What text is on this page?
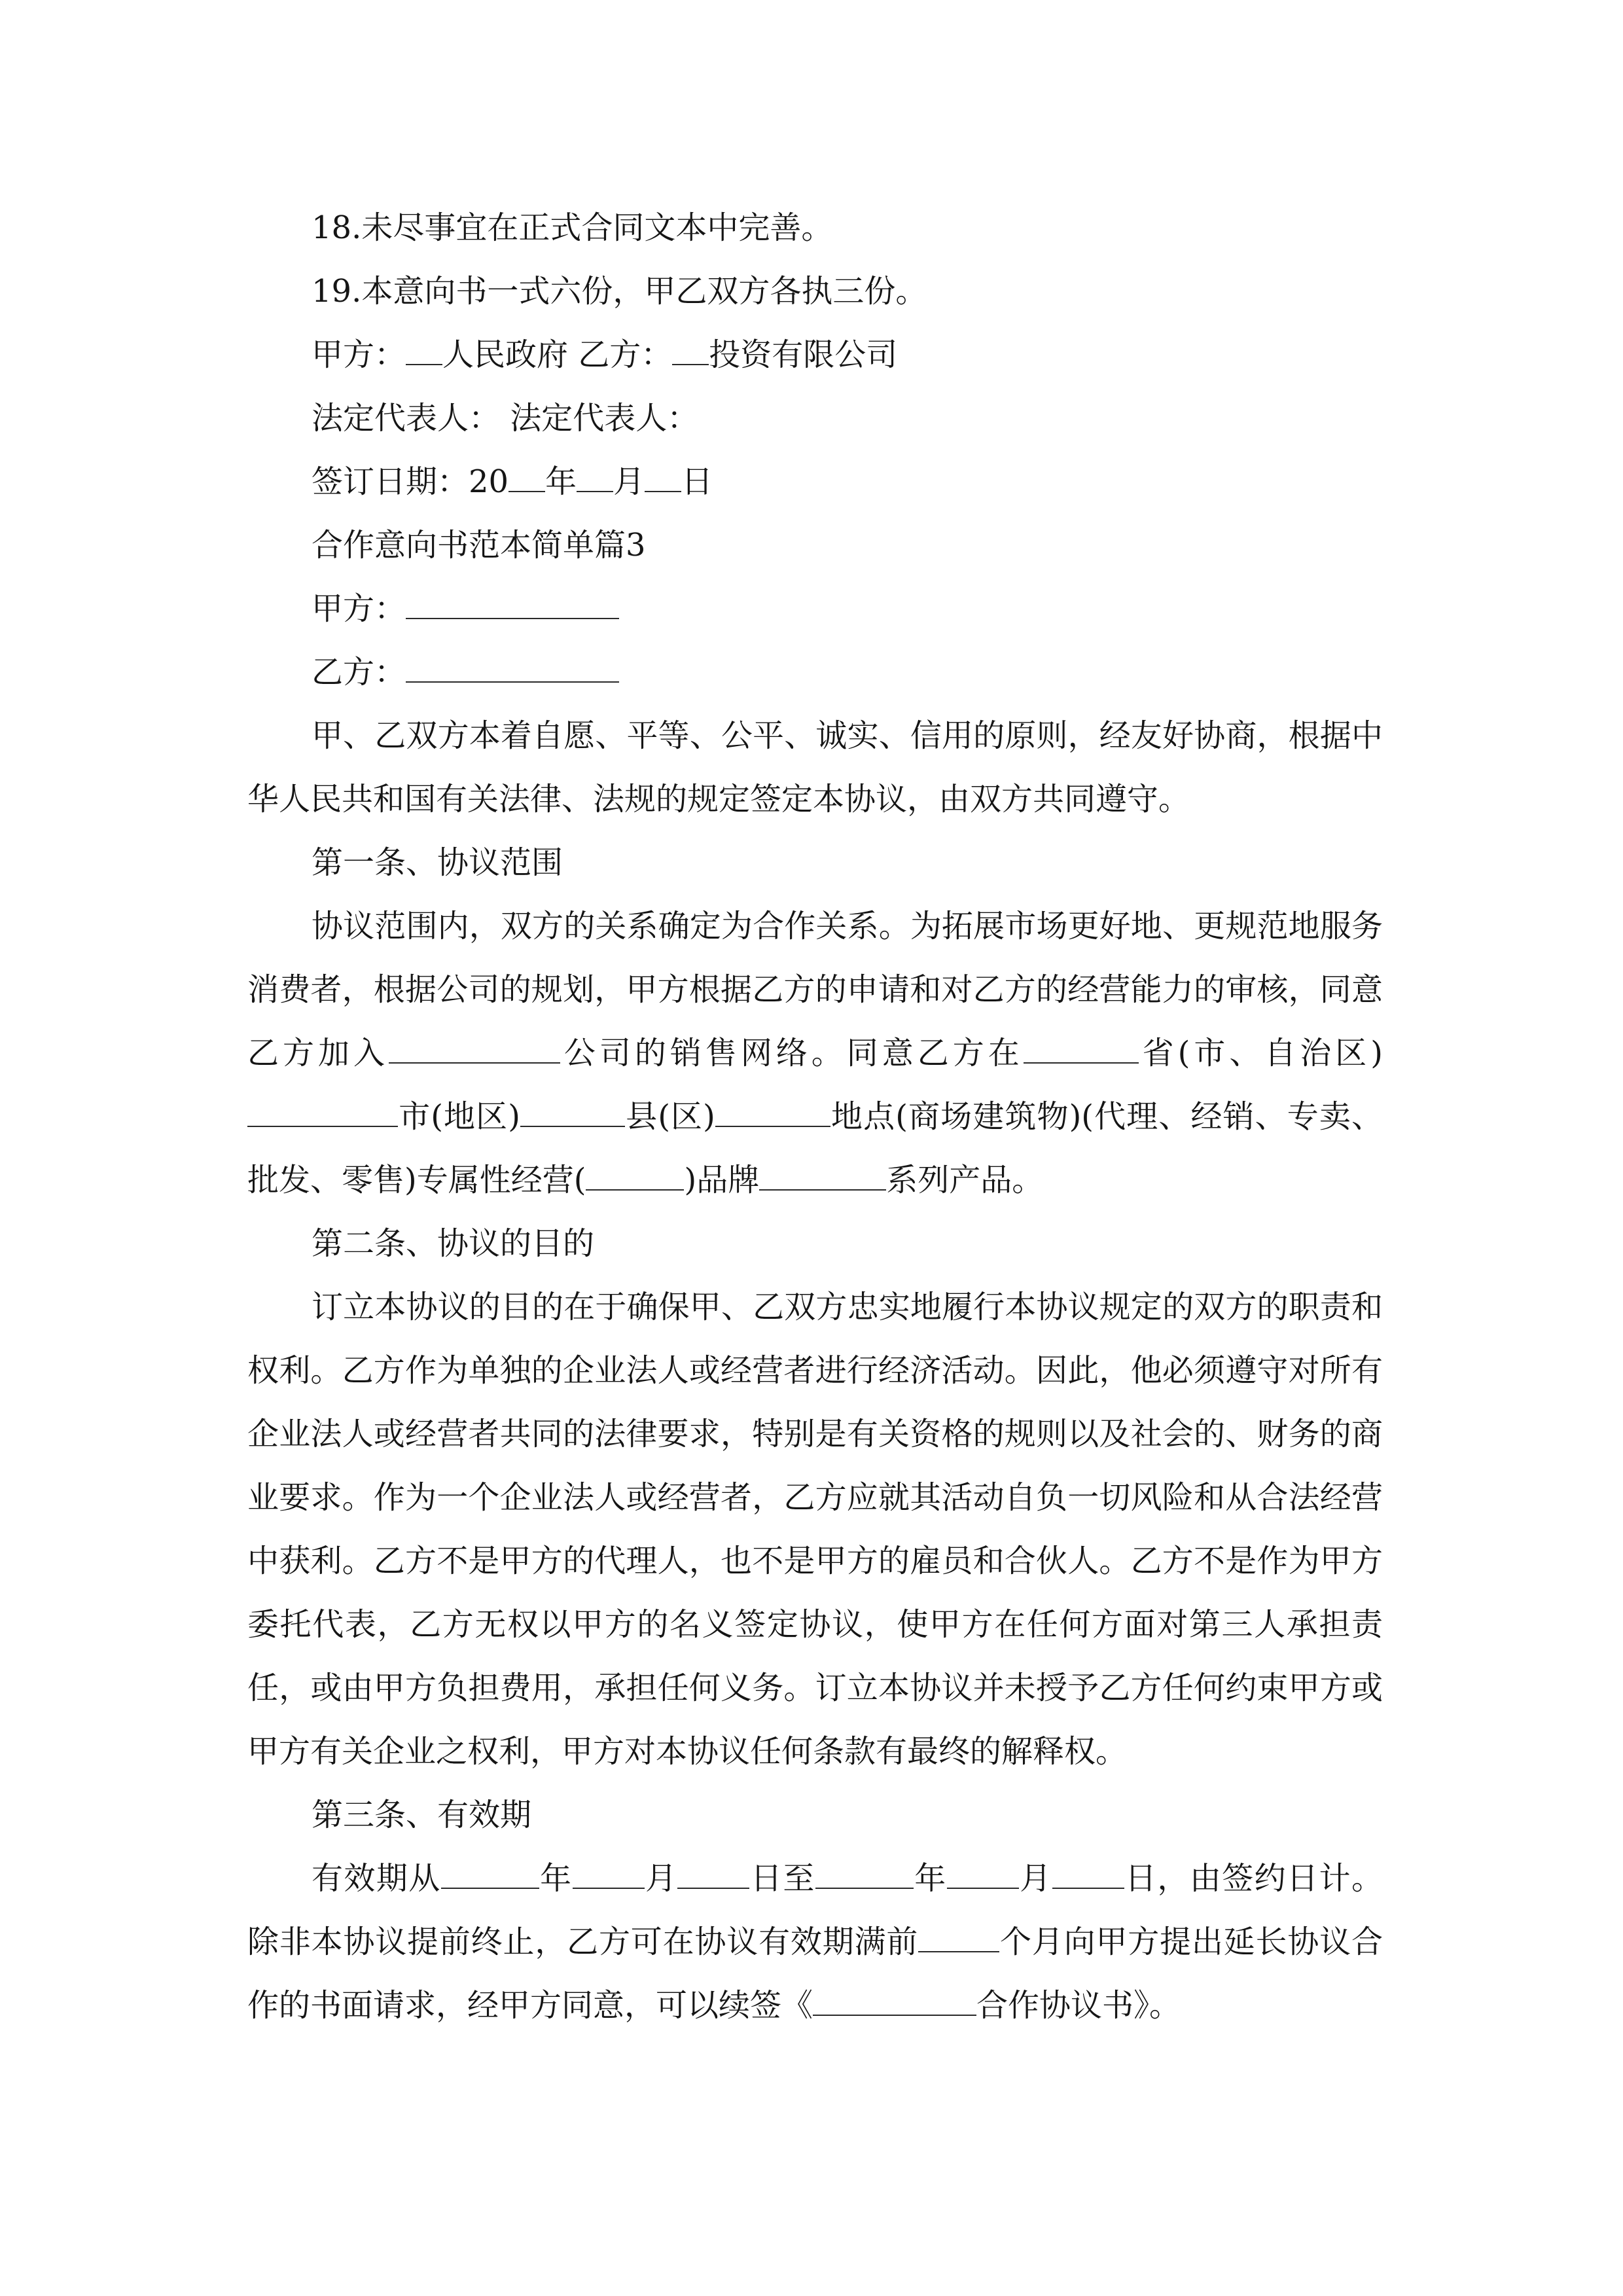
18.未尽事宜在正式合同文本中完善。

19.本意向书一式六份，甲乙双方各执三份。

甲方： 人民政府 乙方： 投资有限公司

法定代表人： 法定代表人：

签订日期：20 年 月 日

合作意向书范本简单篇3

甲方：

乙方：

甲、乙双方本着自愿、平等、公平、诚实、信用的原则，经友好协商，根据中华人民共和国有关法律、法规的规定签定本协议，由双方共同遵守。

第一条、协议范围

协议范围内，双方的关系确定为合作关系。为拓展市场更好地、更规范地服务消费者，根据公司的规划，甲方根据乙方的申请和对乙方的经营能力的审核，同意乙方加入	公司的销售网络。同意乙方在	省(市、自治区)市(地区)	县(区)	地点(商场建筑物)(代理、经销、专卖、批发、零售)专属性经营(	)品牌	系列产品。

第二条、协议的目的

订立本协议的目的在于确保甲、乙双方忠实地履行本协议规定的双方的职责和权利。乙方作为单独的企业法人或经营者进行经济活动。因此，他必须遵守对所有企业法人或经营者共同的法律要求，特别是有关资格的规则以及社会的、财务的商业要求。作为一个企业法人或经营者，乙方应就其活动自负一切风险和从合法经营中获利。乙方不是甲方的代理人，也不是甲方的雇员和合伙人。乙方不是作为甲方委托代表，乙方无权以甲方的名义签定协议，使甲方在任何方面对第三人承担责任，或由甲方负担费用，承担任何义务。订立本协议并未授予乙方任何约束甲方或甲方有关企业之权利，甲方对本协议任何条款有最终的解释权。

第三条、有效期

有效期从	年 月 日至	年 月 日，由签约日计。除非本协议提前终止，乙方可在协议有效期满前	个月向甲方提出延长协议合作的书面请求，经甲方同意，可以续签《	合作协议书》。
